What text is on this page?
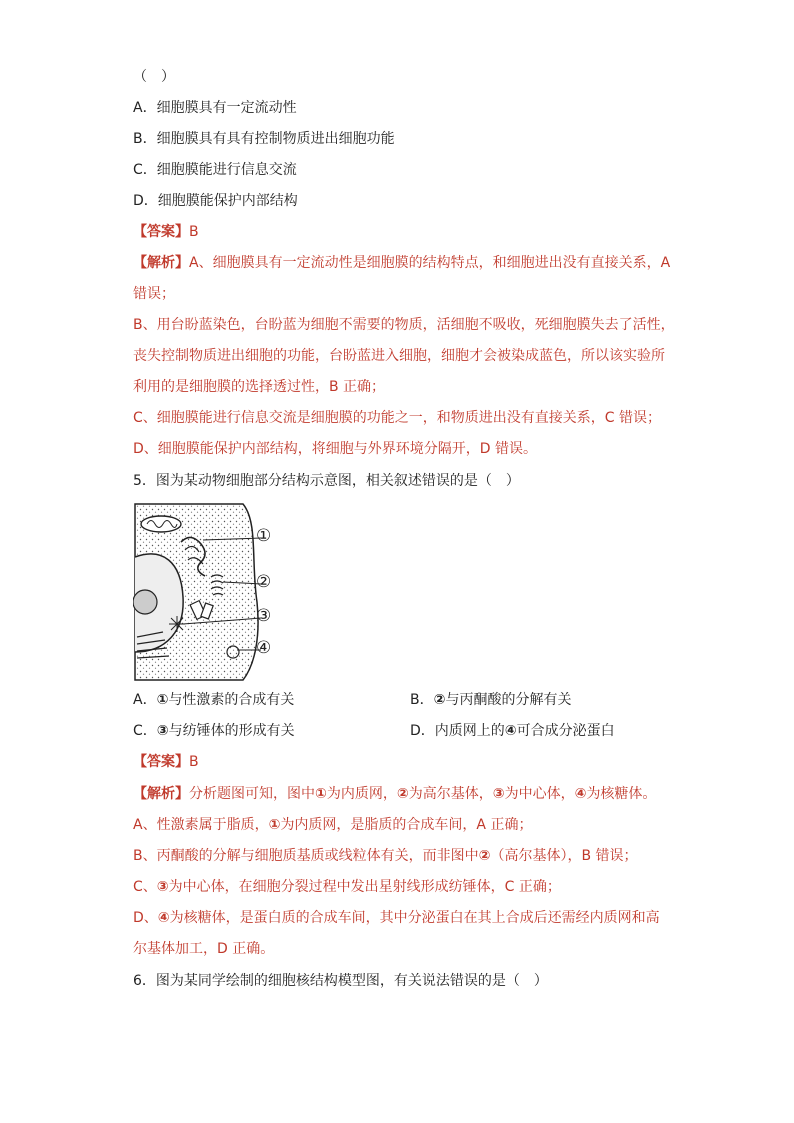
（　）
A．细胞膜具有一定流动性
B．细胞膜具有具有控制物质进出细胞功能
C．细胞膜能进行信息交流
D．细胞膜能保护内部结构
【答案】B
【解析】A、细胞膜具有一定流动性是细胞膜的结构特点，和细胞进出没有直接关系，A
错误；
B、用台盼蓝染色，台盼蓝为细胞不需要的物质，活细胞不吸收，死细胞膜失去了活性，
丧失控制物质进出细胞的功能，台盼蓝进入细胞，细胞才会被染成蓝色，所以该实验所
利用的是细胞膜的选择透过性，B 正确；
C、细胞膜能进行信息交流是细胞膜的功能之一，和物质进出没有直接关系，C 错误；
D、细胞膜能保护内部结构，将细胞与外界环境分隔开，D 错误。
5．图为某动物细胞部分结构示意图，相关叙述错误的是（　）
①
②
③
④
A．①与性激素的合成有关	B．②与丙酮酸的分解有关
C．③与纺锤体的形成有关	D．内质网上的④可合成分泌蛋白
【答案】B
【解析】分析题图可知，图中①为内质网，②为高尔基体，③为中心体，④为核糖体。
A、性激素属于脂质，①为内质网，是脂质的合成车间，A 正确；
B、丙酮酸的分解与细胞质基质或线粒体有关，而非图中②（高尔基体），B 错误；
C、③为中心体，在细胞分裂过程中发出星射线形成纺锤体，C 正确；
D、④为核糖体，是蛋白质的合成车间，其中分泌蛋白在其上合成后还需经内质网和高
尔基体加工，D 正确。
6．图为某同学绘制的细胞核结构模型图，有关说法错误的是（　）
